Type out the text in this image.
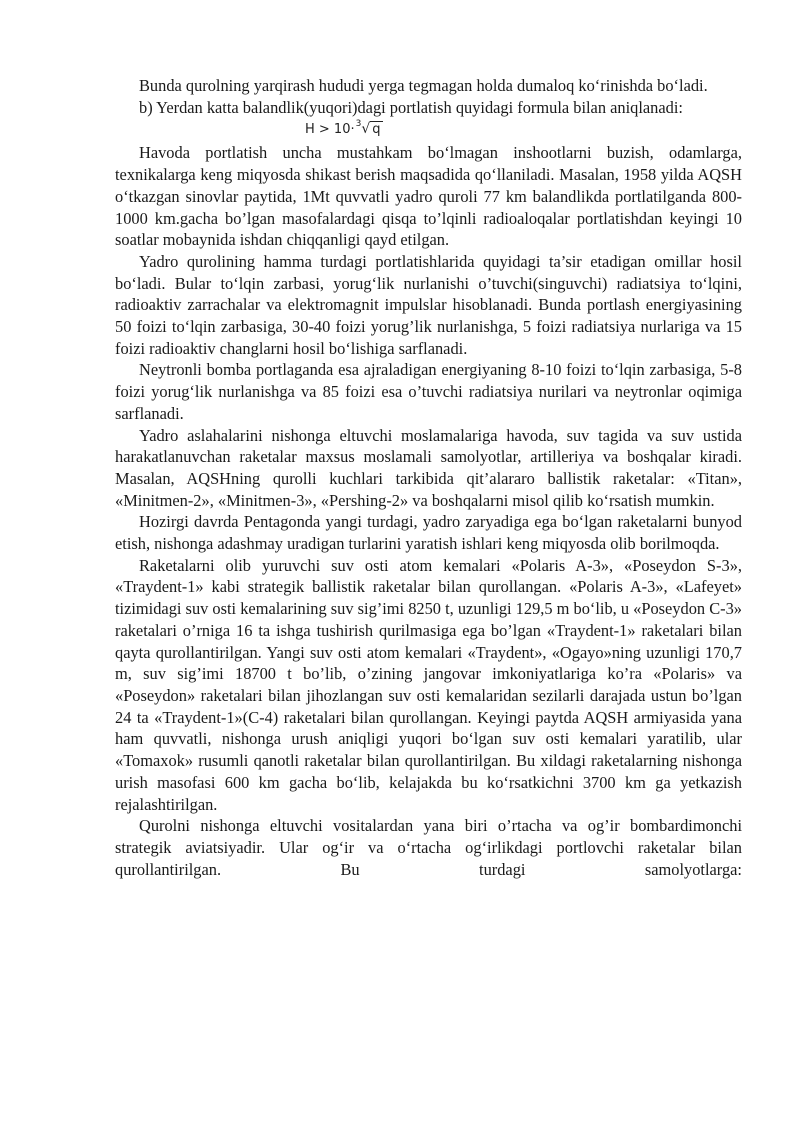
Bunda qurolning yarqirash hududi yerga tegmagan holda dumaloq ko‘rinishda bo‘ladi.

b) Yerdan katta balandlik(yuqori)dagi portlatish quyidagi formula bilan aniqlanadi:

H > 10·$^3$√ q

Havoda portlatish uncha mustahkam bo‘lmagan inshootlarni buzish, odamlarga, texnikalarga keng miqyosda shikast berish maqsadida qo‘llaniladi. Masalan, 1958 yilda AQSH o‘tkazgan sinovlar paytida, 1Mt quvvatli yadro quroli 77 km balandlikda portlatilganda 800-1000 km.gacha bo’lgan masofalardagi qisqa to’lqinli radioaloqalar portlatishdan keyingi 10 soatlar mobaynida ishdan chiqqanligi qayd etilgan.

Yadro qurolining hamma turdagi portlatishlarida quyidagi ta’sir etadigan omillar hosil bo‘ladi. Bular to‘lqin zarbasi, yorug‘lik nurlanishi o’tuvchi(singuvchi) radiatsiya to‘lqini, radioaktiv zarrachalar va elektromagnit impulslar hisoblanadi. Bunda portlash energiyasining 50 foizi to‘lqin zarbasiga, 30-40 foizi yorug’lik nurlanishga, 5 foizi radiatsiya nurlariga va 15 foizi radioaktiv changlarni hosil bo‘lishiga sarflanadi.

Neytronli bomba portlaganda esa ajraladigan energiyaning 8-10 foizi to‘lqin zarbasiga, 5-8 foizi yorug‘lik nurlanishga va 85 foizi esa o’tuvchi radiatsiya nurilari va neytronlar oqimiga sarflanadi.

Yadro aslahalarini nishonga eltuvchi moslamalariga havoda, suv tagida va suv ustida harakatlanuvchan raketalar maxsus moslamali samolyotlar, artilleriya va boshqalar kiradi. Masalan, AQSHning qurolli kuchlari tarkibida qit’alararo ballistik raketalar: «Titan», «Minitmen-2», «Minitmen-3», «Pershing-2» va boshqalarni misol qilib ko‘rsatish mumkin.

Hozirgi davrda Pentagonda yangi turdagi, yadro zaryadiga ega bo‘lgan raketalarni bunyod etish, nishonga adashmay uradigan turlarini yaratish ishlari keng miqyosda olib borilmoqda.

Raketalarni olib yuruvchi suv osti atom kemalari «Polaris A-3», «Poseydon S-3», «Traydent-1» kabi strategik ballistik raketalar bilan qurollangan. «Polaris A-3», «Lafeyet» tizimidagi suv osti kemalarining suv sig’imi 8250 t, uzunligi 129,5 m bo‘lib, u «Poseydon C-3» raketalari o’rniga 16 ta ishga tushirish qurilmasiga ega bo’lgan «Traydent-1» raketalari bilan qayta qurollantirilgan. Yangi suv osti atom kemalari «Traydent», «Ogayo»ning uzunligi 170,7 m, suv sig’imi 18700 t bo’lib, o’zining jangovar imkoniyatlariga ko’ra «Polaris» va «Poseydon» raketalari bilan jihozlangan suv osti kemalaridan sezilarli darajada ustun bo’lgan 24 ta «Traydent-1»(C-4) raketalari bilan qurollangan. Keyingi paytda AQSH armiyasida yana ham quvvatli, nishonga urush aniqligi yuqori bo‘lgan suv osti kemalari yaratilib, ular «Tomaxok» rusumli qanotli raketalar bilan qurollantirilgan. Bu xildagi raketalarning nishonga urish masofasi 600 km gacha bo‘lib, kelajakda bu ko‘rsatkichni 3700 km ga yetkazish rejalashtirilgan.

Qurolni nishonga eltuvchi vositalardan yana biri o’rtacha va og’ir bombardimonchi strategik aviatsiyadir. Ular og‘ir va o‘rtacha og‘irlikdagi portlovchi raketalar bilan qurollantirilgan. Bu turdagi samolyotlarga:
